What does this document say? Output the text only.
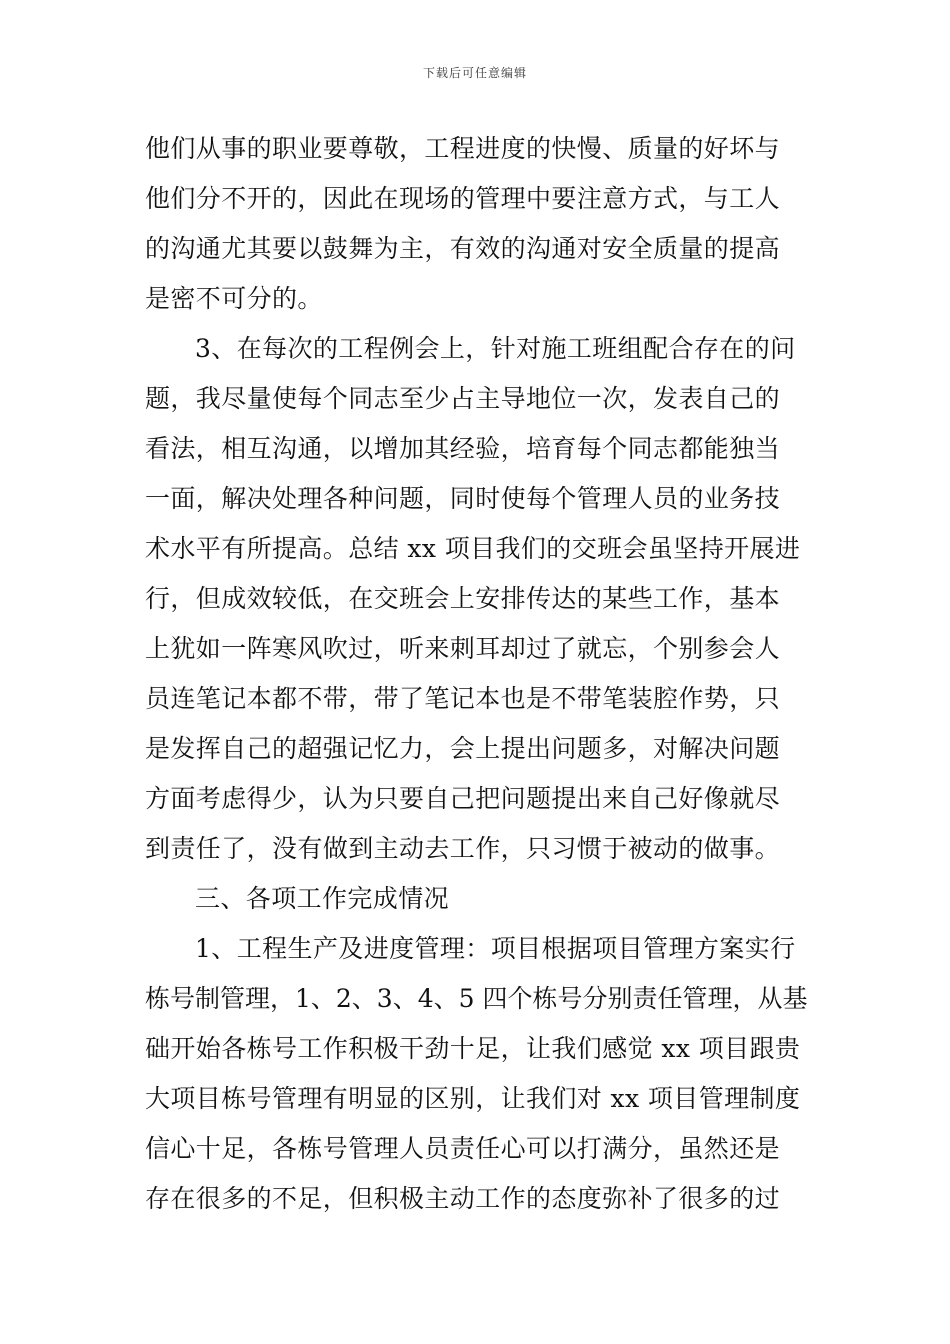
下载后可任意编辑
他们从事的职业要尊敬，工程进度的快慢、质量的好坏与
他们分不开的，因此在现场的管理中要注意方式，与工人
的沟通尤其要以鼓舞为主，有效的沟通对安全质量的提高
是密不可分的。
3、在每次的工程例会上，针对施工班组配合存在的问
题，我尽量使每个同志至少占主导地位一次，发表自己的
看法，相互沟通，以增加其经验，培育每个同志都能独当
一面，解决处理各种问题，同时使每个管理人员的业务技
术水平有所提高。总结 xx 项目我们的交班会虽坚持开展进
行，但成效较低，在交班会上安排传达的某些工作，基本
上犹如一阵寒风吹过，听来刺耳却过了就忘，个别参会人
员连笔记本都不带，带了笔记本也是不带笔装腔作势，只
是发挥自己的超强记忆力，会上提出问题多，对解决问题
方面考虑得少，认为只要自己把问题提出来自己好像就尽
到责任了，没有做到主动去工作，只习惯于被动的做事。
三、各项工作完成情况
1、工程生产及进度管理：项目根据项目管理方案实行
栋号制管理，1、2、3、4、5 四个栋号分别责任管理，从基
础开始各栋号工作积极干劲十足，让我们感觉 xx 项目跟贵
大项目栋号管理有明显的区别，让我们对 xx 项目管理制度
信心十足，各栋号管理人员责任心可以打满分，虽然还是
存在很多的不足，但积极主动工作的态度弥补了很多的过
